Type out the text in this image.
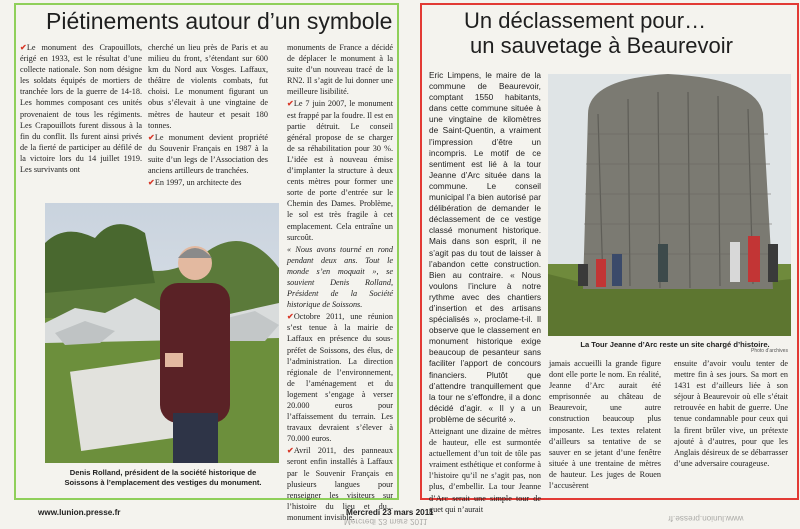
Piétinements autour d’un symbole

✔Le monument des Crapouillots, érigé en 1933, est le résultat d’une collecte nationale. Son nom désigne les soldats équipés de mortiers de tranchée lors de la guerre de 14-18. Les hommes composant ces unités provenaient de tous les régiments. Les Crapouillots furent dissous à la fin du conflit. Ils furent ainsi privés de la fierté de participer au défilé de la victoire lors du 14 juillet 1919. Les survivants ont

cherché un lieu près de Paris et au milieu du front, s’étendant sur 600 km du Nord aux Vosges. Laffaux, théâtre de violents combats, fut choisi. Le monument figurant un obus s’élevait à une vingtaine de mètres de hauteur et pesait 180 tonnes.

✔Le monument devient propriété du Souvenir Français en 1987 à la suite d’un legs de l’Association des anciens artilleurs de tranchées.

✔En 1997, un architecte des

monuments de France a décidé de déplacer le monument à la suite d’un nouveau tracé de la RN2. Il s’agit de lui donner une meilleure lisibilité.

✔Le 7 juin 2007, le monument est frappé par la foudre. Il est en partie détruit. Le conseil général propose de se charger de sa réhabilitation pour 30 %. L’idée est à nouveau émise d’implanter la structure à deux cents mètres pour former une sorte de porte d’entrée sur le Chemin des Dames. Problème, le sol est très fragile à cet emplacement. Cela entraîne un surcoût.

« Nous avons tourné en rond pendant deux ans. Tout le monde s’en moquait », se souvient Denis Rolland, Président de la Société historique de Soissons.

✔Octobre 2011, une réunion s’est tenue à la mairie de Laffaux en présence du sous-préfet de Soissons, des élus, de l’administration. La direction régionale de l’environnement, de l’aménagement et du logement s’engage à verser 20.000 euros pour l’affaissement du terrain. Les travaux devraient s’élever à 70.000 euros.

✔Avril 2011, des panneaux seront enfin installés à Laffaux par le Souvenir Français en plusieurs langues pour renseigner les visiteurs sur l’histoire du lieu et du... monument invisible.

Denis Rolland, président de la société historique de Soissons à l’emplacement des vestiges du monument.
Un déclassement pour…
un sauvetage à Beaurevoir

Eric Limpens, le maire de la commune de Beaurevoir, comptant 1550 habitants, dans cette commune située à une vingtaine de kilomètres de Saint-Quentin, a vraiment l’impression d’être un incompris. Le motif de ce sentiment est lié à la tour Jeanne d’Arc située dans la commune. Le conseil municipal l’a bien autorisé par délibération de demander le déclassement de ce vestige classé monument historique. Mais dans son esprit, il ne s’agit pas du tout de laisser à l’abandon cette construction. Bien au contraire. « Nous voulons l’inclure à notre rythme avec des chantiers d’insertion et des artisans spécialisés », proclame-t-il. Il observe que le classement en monument historique exige beaucoup de pesanteur sans faciliter l’apport de concours financiers. Plutôt que d’attendre tranquillement que la tour ne s’effondre, il a donc décidé d’agir. « Il y a un problème de sécurité ».

Atteignant une dizaine de mètres de hauteur, elle est surmontée actuellement d’un toit de tôle pas vraiment esthétique et conforme à l’histoire qu’il ne s’agit pas, non plus, d’embellir. La tour Jeanne d’Arc serait une simple tour de guet qui n’aurait

jamais accueilli la grande figure dont elle porte le nom. En réalité, Jeanne d’Arc aurait été emprisonnée au château de Beaurevoir, une autre construction beaucoup plus imposante. Les textes relatent d’ailleurs sa tentative de se sauver en se jetant d’une fenêtre située à une trentaine de mètres de hauteur. Les juges de Rouen l’accusèrent

ensuite d’avoir voulu tenter de mettre fin à ses jours. Sa mort en 1431 est d’ailleurs liée à son séjour à Beaurevoir où elle s’était retrouvée en habit de guerre. Une tenue condamnable pour ceux qui la firent brûler vive, un prétexte ajouté à d’autres, pour que les Anglais désireux de se débarrasser d’une adversaire courageuse.

La Tour Jeanne d’Arc reste un site chargé d’histoire.
Photo d’archives
www.lunion.presse.fr	Mercredi 23 mars 2011
Mercredi 23 mars 2011	www.lunion.presse.fr
